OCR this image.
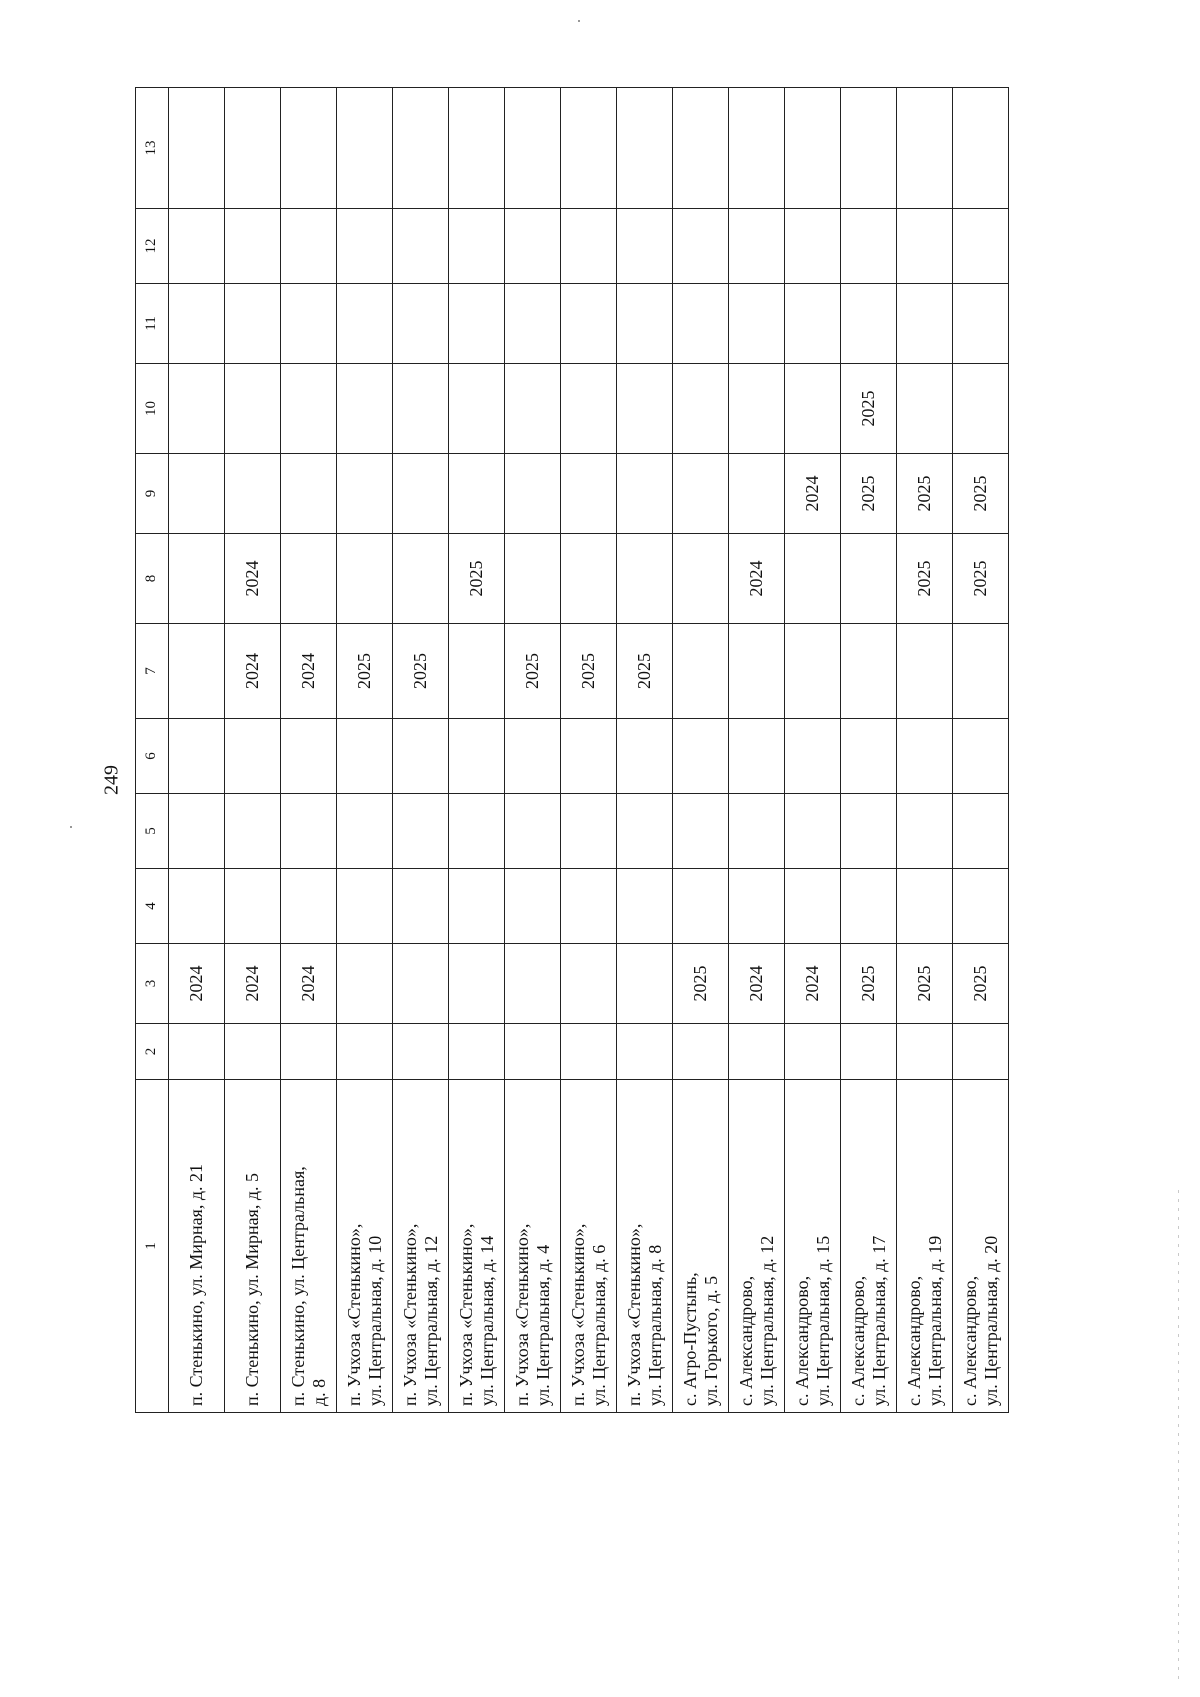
249
1	2	3	4	5	6	7	8	9	10	11	12	13
п. Стенькино, ул. Мирная, д. 21		2024										
п. Стенькино, ул. Мирная, д. 5		2024				2024	2024					
п. Стенькино, ул. Центральная,
д. 8		2024				2024						
п. Учхоза «Стенькино»,
ул. Центральная, д. 10						2025						
п. Учхоза «Стенькино»,
ул. Центральная, д. 12						2025						
п. Учхоза «Стенькино»,
ул. Центральная, д. 14							2025					
п. Учхоза «Стенькино»,
ул. Центральная, д. 4						2025						
п. Учхоза «Стенькино»,
ул. Центральная, д. 6						2025						
п. Учхоза «Стенькино»,
ул. Центральная, д. 8						2025						
с. Агро-Пустынь,
ул. Горького, д. 5		2025										
с. Александрово,
ул. Центральная, д. 12		2024					2024					
с. Александрово,
ул. Центральная, д. 15		2024						2024				
с. Александрово,
ул. Центральная, д. 17		2025						2025	2025			
с. Александрово,
ул. Центральная, д. 19		2025					2025	2025				
с. Александрово,
ул. Центральная, д. 20		2025					2025	2025				
